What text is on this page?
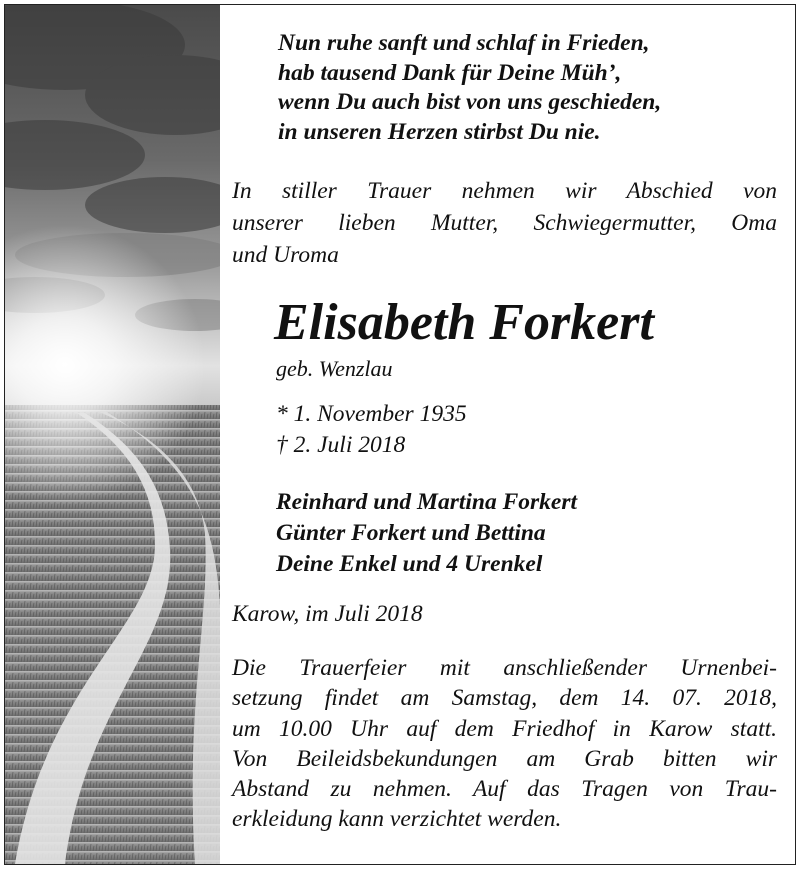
Nun ruhe sanft und schlaf in Frieden,
hab tausend Dank für Deine Müh’,
wenn Du auch bist von uns geschieden,
in unseren Herzen stirbst Du nie.
In stiller Trauer nehmen wir Abschied von
unserer lieben Mutter, Schwiegermutter, Oma
und Uroma
Elisabeth Forkert
geb. Wenzlau
* 1. November 1935
† 2. Juli 2018
Reinhard und Martina Forkert
Günter Forkert und Bettina
Deine Enkel und 4 Urenkel
Karow, im Juli 2018
Die Trauerfeier mit anschließender Urnenbei-
setzung findet am Samstag, dem 14. 07. 2018,
um 10.00 Uhr auf dem Friedhof in Karow statt.
Von Beileidsbekundungen am Grab bitten wir
Abstand zu nehmen. Auf das Tragen von Trau-
erkleidung kann verzichtet werden.
